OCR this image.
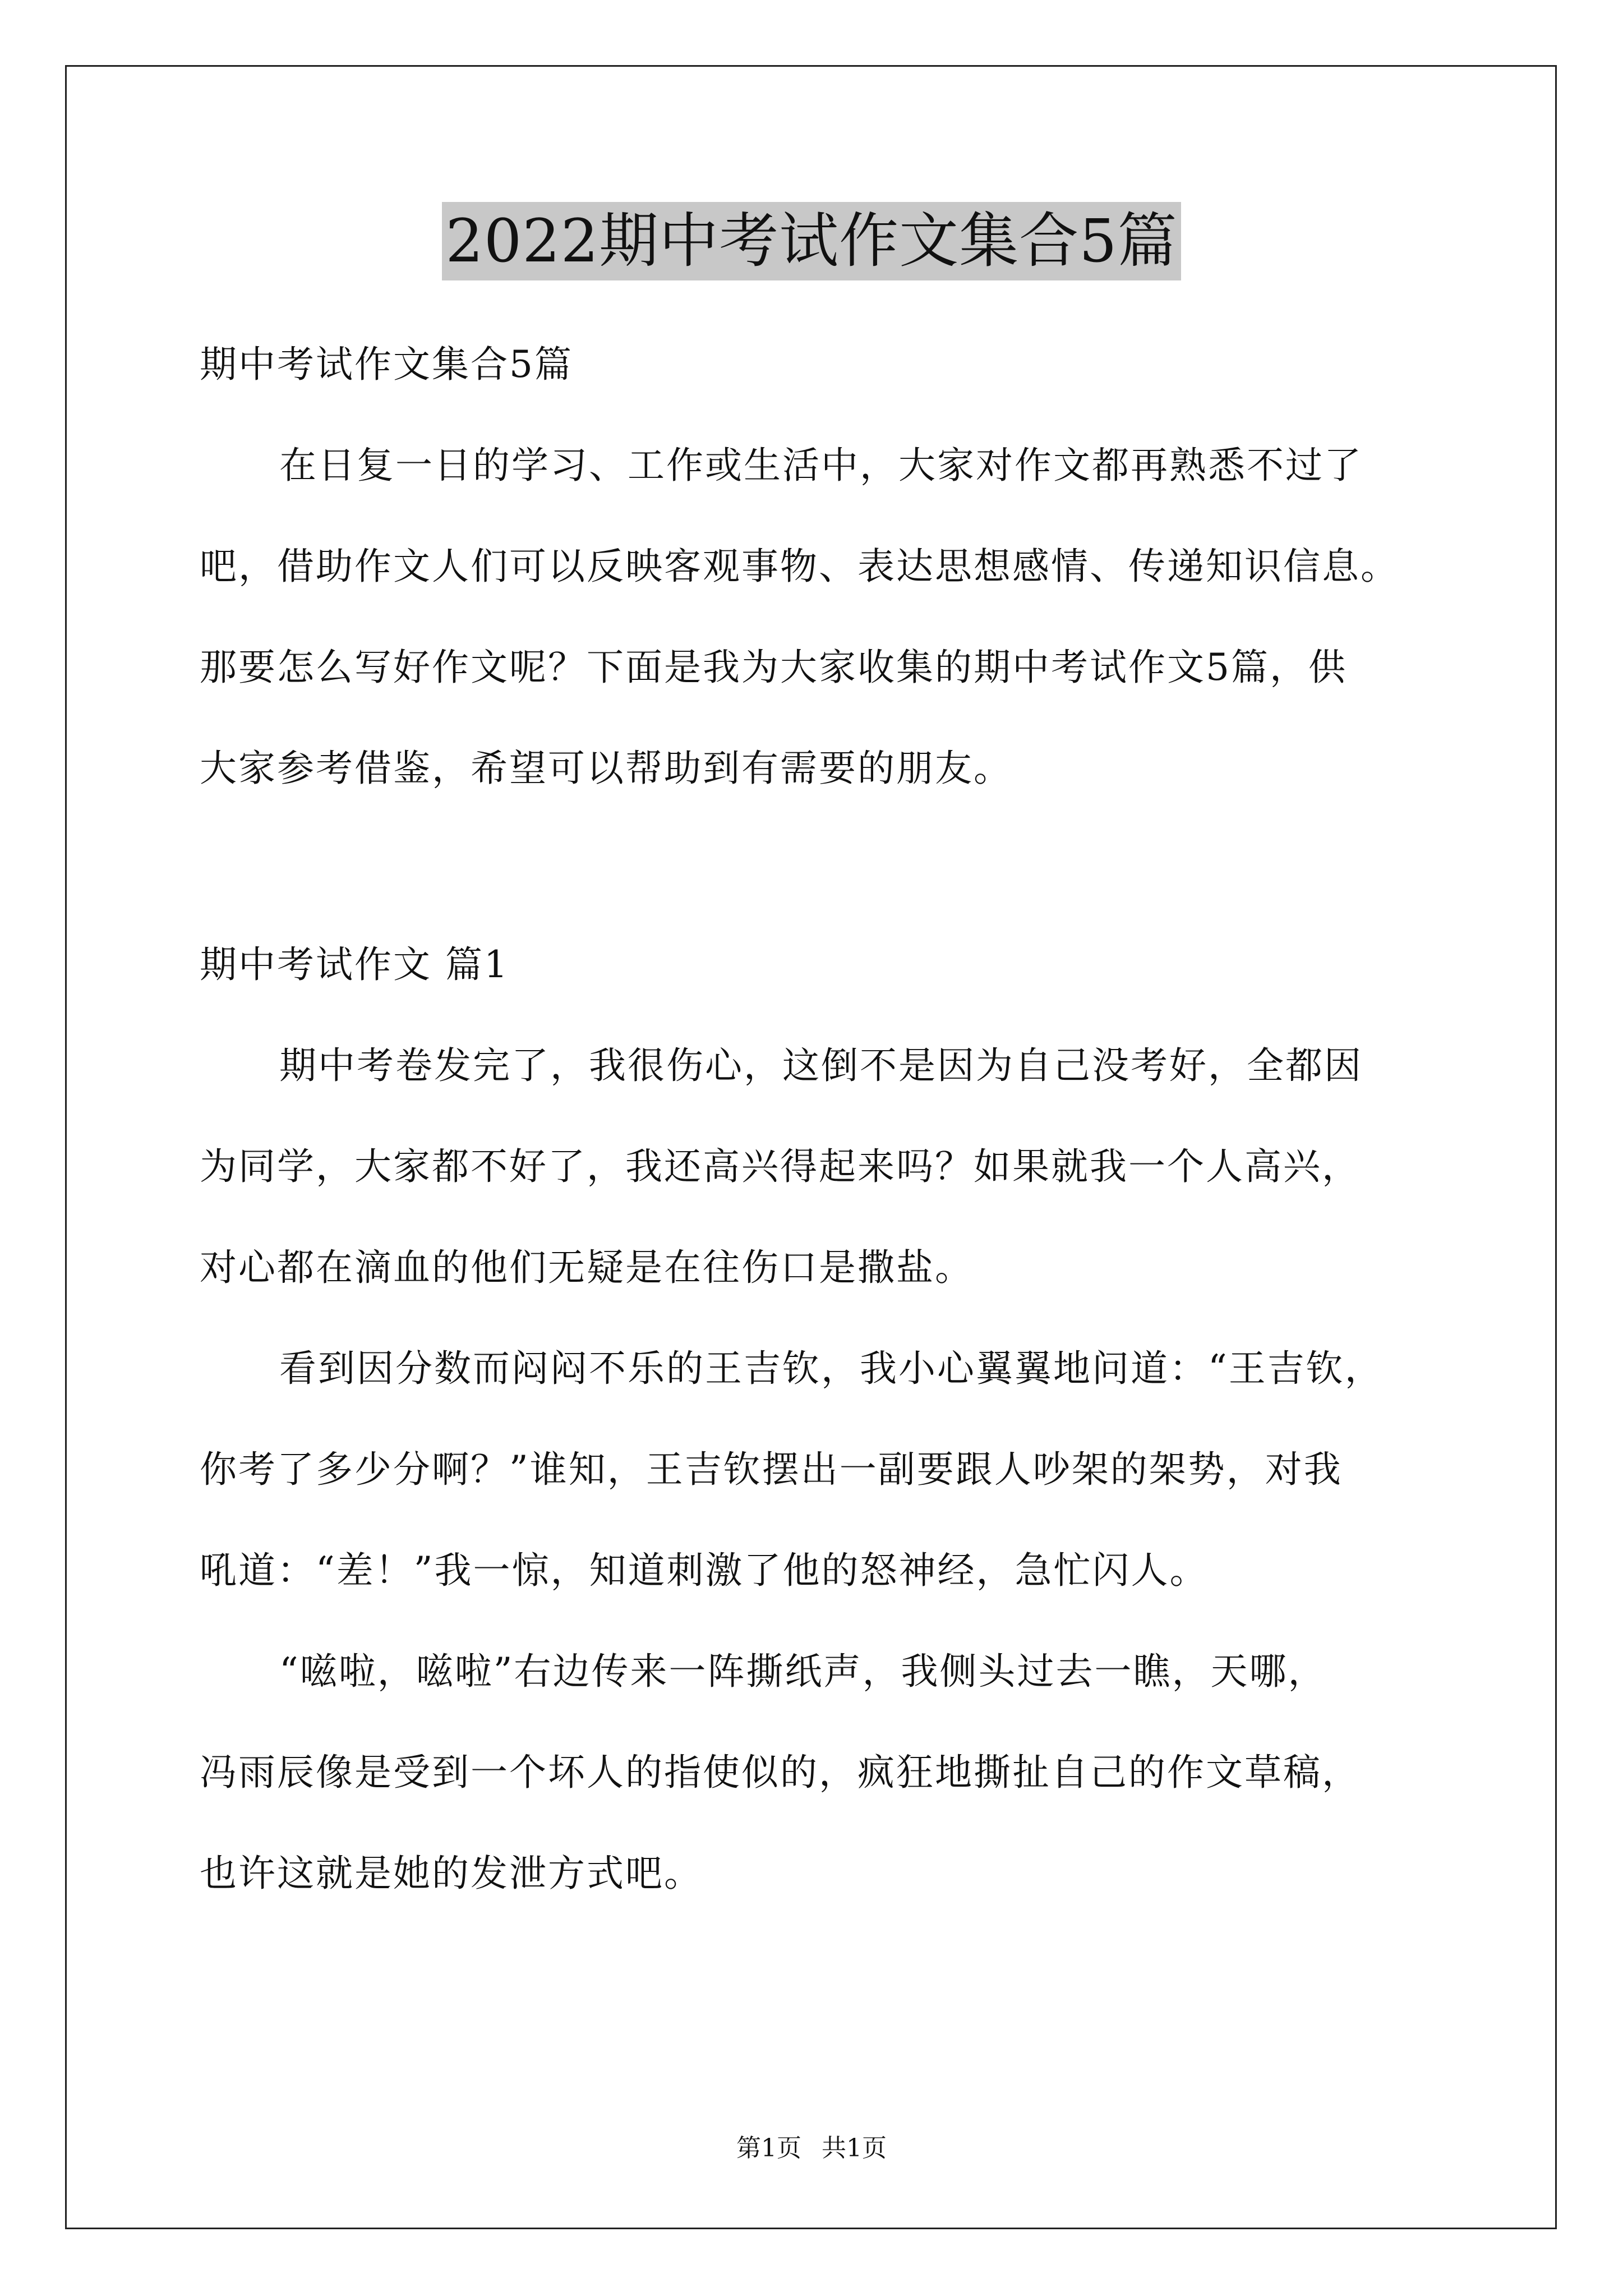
2022期中考试作文集合5篇
期中考试作文集合5篇
在日复一日的学习、工作或生活中，大家对作文都再熟悉不过了
吧，借助作文人们可以反映客观事物、表达思想感情、传递知识信息。
那要怎么写好作文呢？下面是我为大家收集的期中考试作文5篇，供
大家参考借鉴，希望可以帮助到有需要的朋友。
期中考试作文 篇1
期中考卷发完了，我很伤心，这倒不是因为自己没考好，全都因
为同学，大家都不好了，我还高兴得起来吗？如果就我一个人高兴，
对心都在滴血的他们无疑是在往伤口是撒盐。
看到因分数而闷闷不乐的王吉钦，我小心翼翼地问道：“王吉钦，
你考了多少分啊？”谁知，王吉钦摆出一副要跟人吵架的架势，对我
吼道：“差！”我一惊，知道刺激了他的怒神经，急忙闪人。
“嗞啦，嗞啦”右边传来一阵撕纸声，我侧头过去一瞧，天哪，
冯雨辰像是受到一个坏人的指使似的，疯狂地撕扯自己的作文草稿，
也许这就是她的发泄方式吧。
第1页 共1页
